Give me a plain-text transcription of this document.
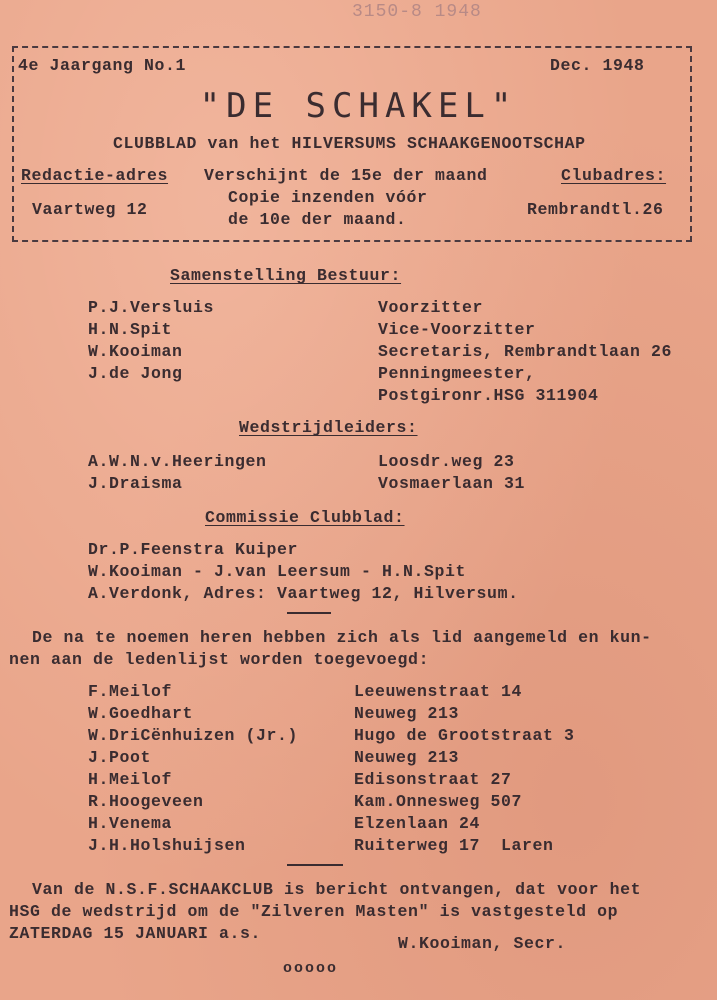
3150-8 1948
4e Jaargang No.1	Dec. 1948
"DE SCHAKEL"
CLUBBLAD van het HILVERSUMS SCHAAKGENOOTSCHAP
Redactie-adres
Vaartweg 12
Verschijnt de 15e der maand
Copie inzenden vóór
de 10e der maand.
Clubadres:
Rembrandtl.26
Samenstelling Bestuur:
P.J.Versluis	Voorzitter
H.N.Spit	Vice-Voorzitter
W.Kooiman	Secretaris, Rembrandtlaan 26
J.de Jong	Penningmeester,
Postgironr.HSG 311904
Wedstrijdleiders:
A.W.N.v.Heeringen	Loosdr.weg 23
J.Draisma	Vosmaerlaan 31
Commissie Clubblad:
Dr.P.Feenstra Kuiper
W.Kooiman - J.van Leersum - H.N.Spit
A.Verdonk, Adres: Vaartweg 12, Hilversum.
De na te noemen heren hebben zich als lid aangemeld en kun-
nen aan de ledenlijst worden toegevoegd:
F.Meilof	Leeuwenstraat 14
W.Goedhart	Neuweg 213
W.DriCënhuizen (Jr.)	Hugo de Grootstraat 3
J.Poot	Neuweg 213
H.Meilof	Edisonstraat 27
R.Hoogeveen	Kam.Onnesweg 507
H.Venema	Elzenlaan 24
J.H.Holshuijsen	Ruiterweg 17  Laren
Van de N.S.F.SCHAAKCLUB is bericht ontvangen, dat voor het
HSG de wedstrijd om de "Zilveren Masten" is vastgesteld op
ZATERDAG 15 JANUARI a.s.
W.Kooiman, Secr.
ooooo
